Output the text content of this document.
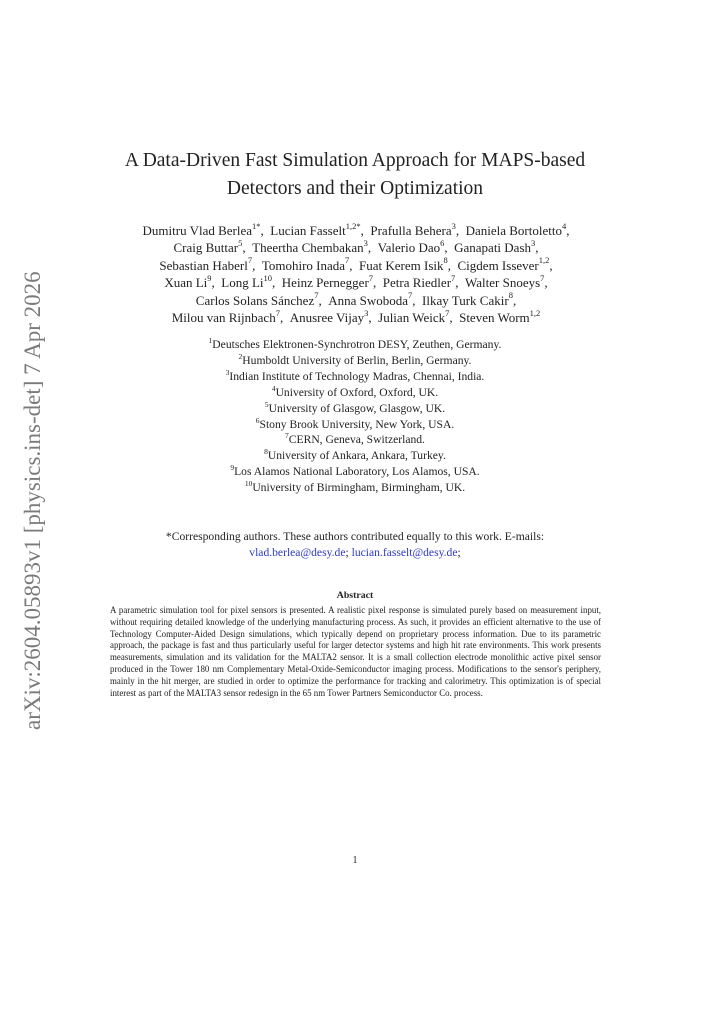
arXiv:2604.05893v1 [physics.ins-det] 7 Apr 2026
A Data-Driven Fast Simulation Approach for MAPS-based
Detectors and their Optimization
Dumitru Vlad Berlea$^{1*}$,  Lucian Fasselt$^{1,2*}$,  Prafulla Behera$^3$,  Daniela Bortoletto$^4$,
Craig Buttar$^5$,  Theertha Chembakan$^3$,  Valerio Dao$^6$,  Ganapati Dash$^3$,
Sebastian Haberl$^7$,  Tomohiro Inada$^7$,  Fuat Kerem Isik$^8$,  Cigdem Issever$^{1,2}$,
Xuan Li$^9$,  Long Li$^{10}$,  Heinz Pernegger$^7$,  Petra Riedler$^7$,  Walter Snoeys$^7$,
Carlos Solans Sánchez$^7$,  Anna Swoboda$^7$,  Ilkay Turk Cakir$^8$,
Milou van Rijnbach$^7$,  Anusree Vijay$^3$,  Julian Weick$^7$,  Steven Worm$^{1,2}$
$^1$Deutsches Elektronen-Synchrotron DESY, Zeuthen, Germany.
$^2$Humboldt University of Berlin, Berlin, Germany.
$^3$Indian Institute of Technology Madras, Chennai, India.
$^4$University of Oxford, Oxford, UK.
$^5$University of Glasgow, Glasgow, UK.
$^6$Stony Brook University, New York, USA.
$^7$CERN, Geneva, Switzerland.
$^8$University of Ankara, Ankara, Turkey.
$^9$Los Alamos National Laboratory, Los Alamos, USA.
$^{10}$University of Birmingham, Birmingham, UK.
*Corresponding authors. These authors contributed equally to this work. E-mails:
vlad.berlea@desy.de; lucian.fasselt@desy.de;
Abstract
A parametric simulation tool for pixel sensors is presented. A realistic pixel response is simulated purely based on measurement input, without requiring detailed knowledge of the underlying manufacturing process. As such, it provides an efficient alternative to the use of Technology Computer-Aided Design simulations, which typically depend on proprietary process information. Due to its parametric approach, the package is fast and thus particularly useful for larger detector systems and high hit rate environments. This work presents measurements, simulation and its validation for the MALTA2 sensor. It is a small collection electrode monolithic active pixel sensor produced in the Tower 180 nm Complementary Metal-Oxide-Semiconductor imaging process. Modifications to the sensor's periphery, mainly in the hit merger, are studied in order to optimize the performance for tracking and calorimetry. This optimization is of special interest as part of the MALTA3 sensor redesign in the 65 nm Tower Partners Semiconductor Co. process.
1
